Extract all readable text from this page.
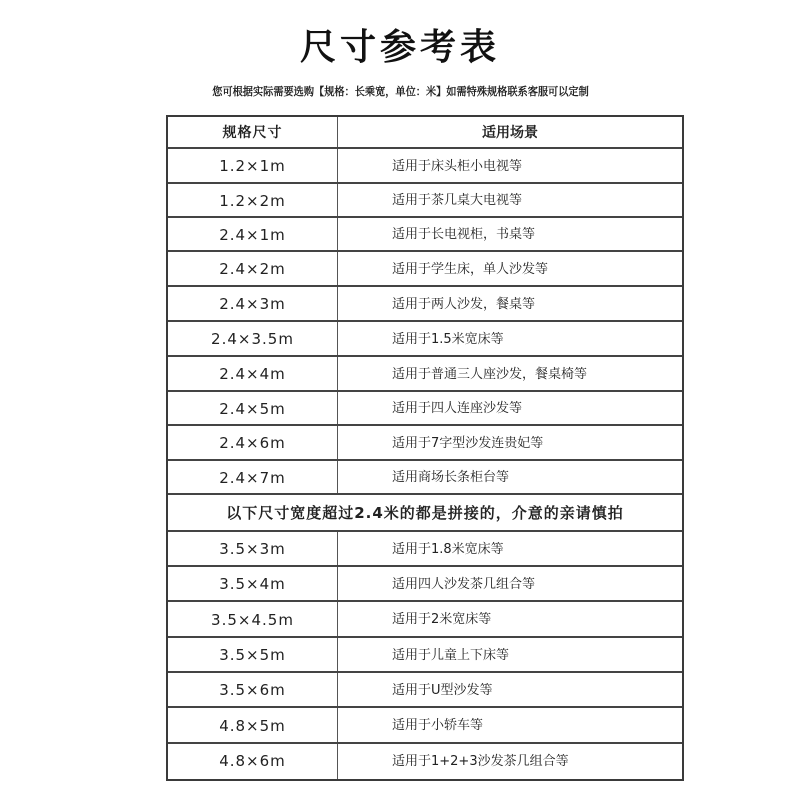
尺寸参考表
您可根据实际需要选购【规格：长乘宽，单位：米】如需特殊规格联系客服可以定制
规格尺寸	适用场景
1.2×1m	适用于床头柜小电视等
1.2×2m	适用于茶几桌大电视等
2.4×1m	适用于长电视柜，书桌等
2.4×2m	适用于学生床，单人沙发等
2.4×3m	适用于两人沙发，餐桌等
2.4×3.5m	适用于1.5米宽床等
2.4×4m	适用于普通三人座沙发，餐桌椅等
2.4×5m	适用于四人连座沙发等
2.4×6m	适用于7字型沙发连贵妃等
2.4×7m	适用商场长条柜台等
以下尺寸宽度超过2.4米的都是拼接的，介意的亲请慎拍
3.5×3m	适用于1.8米宽床等
3.5×4m	适用四人沙发茶几组合等
3.5×4.5m	适用于2米宽床等
3.5×5m	适用于儿童上下床等
3.5×6m	适用于U型沙发等
4.8×5m	适用于小轿车等
4.8×6m	适用于1+2+3沙发茶几组合等
